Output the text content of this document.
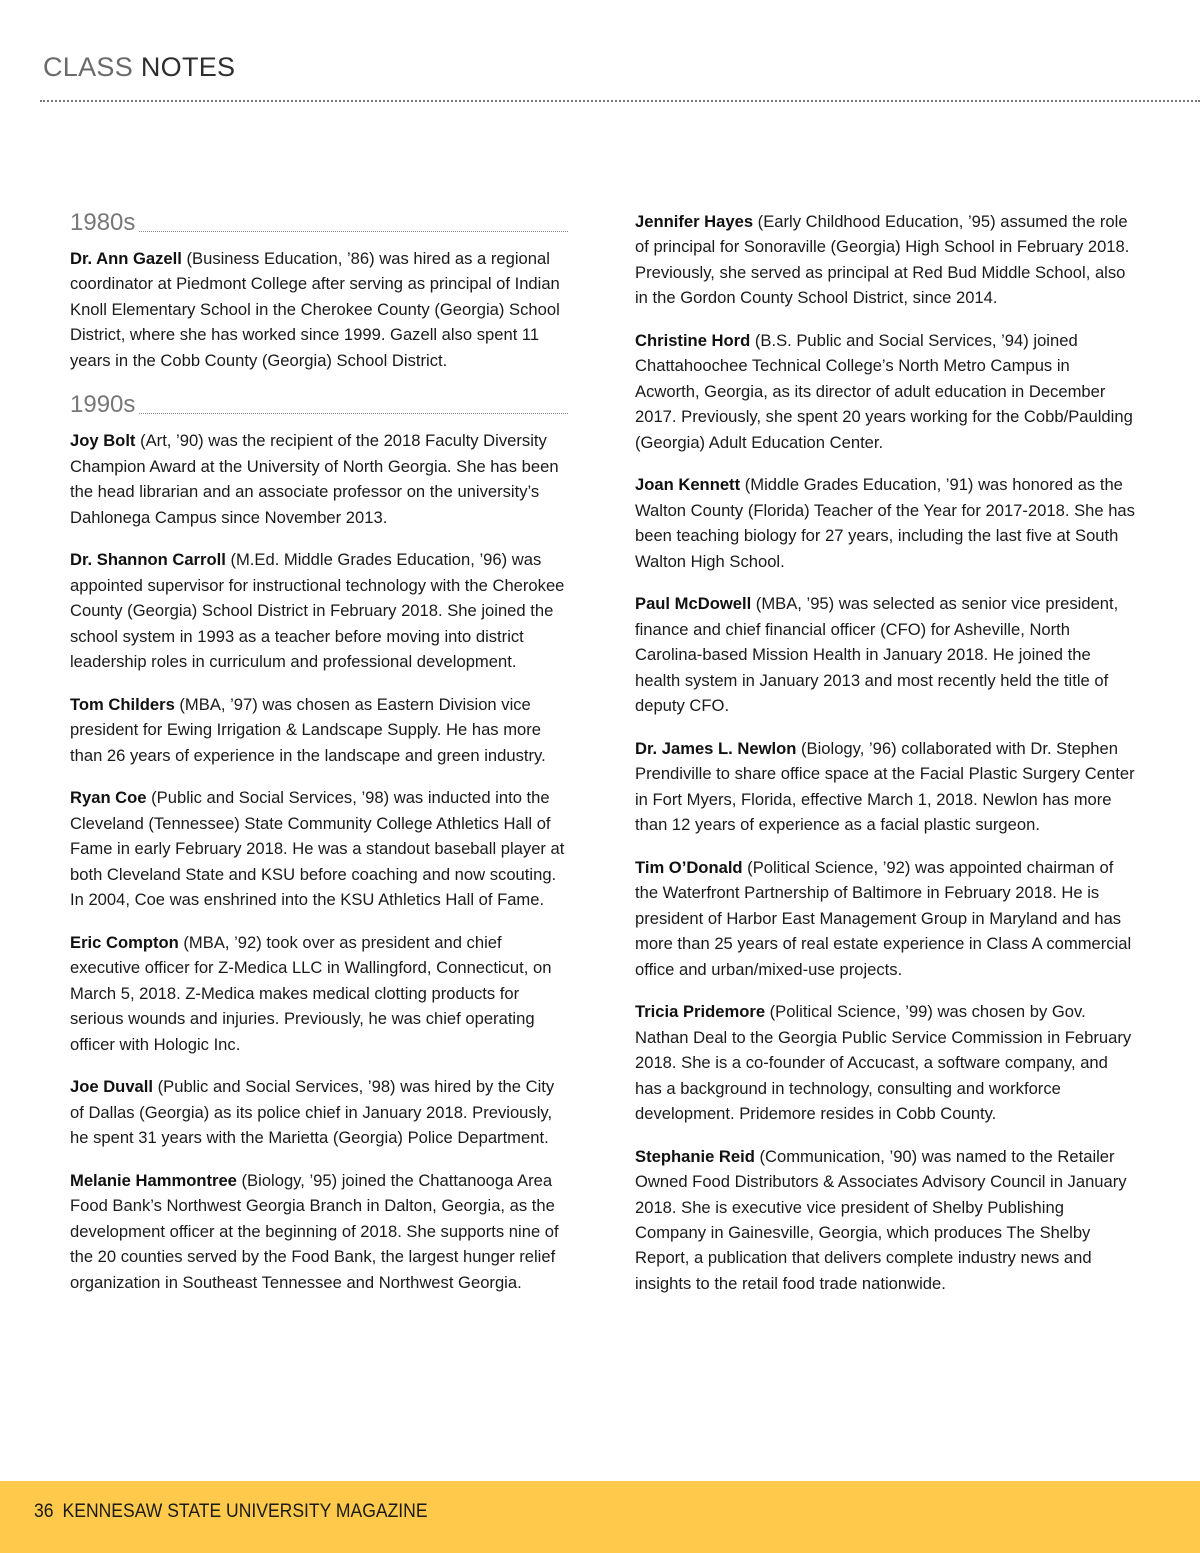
CLASS NOTES
1980s

Dr. Ann Gazell (Business Education, ’86) was hired as a regional coordinator at Piedmont College after serving as principal of Indian Knoll Elementary School in the Cherokee County (Georgia) School District, where she has worked since 1999. Gazell also spent 11 years in the Cobb County (Georgia) School District.

1990s

Joy Bolt (Art, ’90) was the recipient of the 2018 Faculty Diversity Champion Award at the University of North Georgia. She has been the head librarian and an associate professor on the university’s Dahlonega Campus since November 2013.

Dr. Shannon Carroll (M.Ed. Middle Grades Education, ’96) was appointed supervisor for instructional technology with the Cherokee County (Georgia) School District in February 2018. She joined the school system in 1993 as a teacher before moving into district leadership roles in curriculum and professional development.

Tom Childers (MBA, ’97) was chosen as Eastern Division vice president for Ewing Irrigation & Landscape Supply. He has more than 26 years of experience in the landscape and green industry.

Ryan Coe (Public and Social Services, ’98) was inducted into the Cleveland (Tennessee) State Community College Athletics Hall of Fame in early February 2018. He was a standout baseball player at both Cleveland State and KSU before coaching and now scouting. In 2004, Coe was enshrined into the KSU Athletics Hall of Fame.

Eric Compton (MBA, ’92) took over as president and chief executive officer for Z-Medica LLC in Wallingford, Connecticut, on March 5, 2018. Z-Medica makes medical clotting products for serious wounds and injuries. Previously, he was chief operating officer with Hologic Inc.

Joe Duvall (Public and Social Services, ’98) was hired by the City of Dallas (Georgia) as its police chief in January 2018. Previously, he spent 31 years with the Marietta (Georgia) Police Department.

Melanie Hammontree (Biology, ’95) joined the Chattanooga Area Food Bank’s Northwest Georgia Branch in Dalton, Georgia, as the development officer at the beginning of 2018. She supports nine of the 20 counties served by the Food Bank, the largest hunger relief organization in Southeast Tennessee and Northwest Georgia.

Jennifer Hayes (Early Childhood Education, ’95) assumed the role of principal for Sonoraville (Georgia) High School in February 2018. Previously, she served as principal at Red Bud Middle School, also in the Gordon County School District, since 2014.

Christine Hord (B.S. Public and Social Services, ’94) joined Chattahoochee Technical College’s North Metro Campus in Acworth, Georgia, as its director of adult education in December 2017. Previously, she spent 20 years working for the Cobb/Paulding (Georgia) Adult Education Center.

Joan Kennett (Middle Grades Education, ’91) was honored as the Walton County (Florida) Teacher of the Year for 2017-2018. She has been teaching biology for 27 years, including the last five at South Walton High School.

Paul McDowell (MBA, ’95) was selected as senior vice president, finance and chief financial officer (CFO) for Asheville, North Carolina-based Mission Health in January 2018. He joined the health system in January 2013 and most recently held the title of deputy CFO.

Dr. James L. Newlon (Biology, ’96) collaborated with Dr. Stephen Prendiville to share office space at the Facial Plastic Surgery Center in Fort Myers, Florida, effective March 1, 2018. Newlon has more than 12 years of experience as a facial plastic surgeon.

Tim O’Donald (Political Science, ’92) was appointed chairman of the Waterfront Partnership of Baltimore in February 2018. He is president of Harbor East Management Group in Maryland and has more than 25 years of real estate experience in Class A commercial office and urban/mixed-use projects.

Tricia Pridemore (Political Science, ’99) was chosen by Gov. Nathan Deal to the Georgia Public Service Commission in February 2018. She is a co-founder of Accucast, a software company, and has a background in technology, consulting and workforce development. Pridemore resides in Cobb County.

Stephanie Reid (Communication, ’90) was named to the Retailer Owned Food Distributors & Associates Advisory Council in January 2018. She is executive vice president of Shelby Publishing Company in Gainesville, Georgia, which produces The Shelby Report, a publication that delivers complete industry news and insights to the retail food trade nationwide.

36 KENNESAW STATE UNIVERSITY MAGAZINE
